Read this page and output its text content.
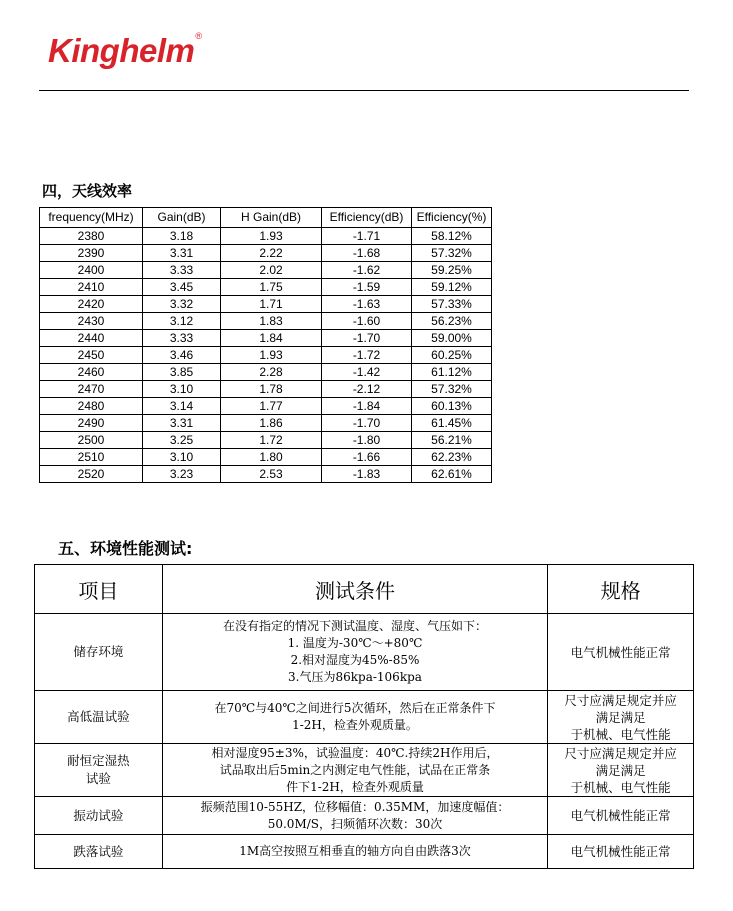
Kinghelm®
四，天线效率
frequency(MHz)	Gain(dB)	H Gain(dB)	Efficiency(dB)	Efficiency(%)
2380	3.18	1.93	-1.71	58.12%
2390	3.31	2.22	-1.68	57.32%
2400	3.33	2.02	-1.62	59.25%
2410	3.45	1.75	-1.59	59.12%
2420	3.32	1.71	-1.63	57.33%
2430	3.12	1.83	-1.60	56.23%
2440	3.33	1.84	-1.70	59.00%
2450	3.46	1.93	-1.72	60.25%
2460	3.85	2.28	-1.42	61.12%
2470	3.10	1.78	-2.12	57.32%
2480	3.14	1.77	-1.84	60.13%
2490	3.31	1.86	-1.70	61.45%
2500	3.25	1.72	-1.80	56.21%
2510	3.10	1.80	-1.66	62.23%
2520	3.23	2.53	-1.83	62.61%
五、环境性能测试:
项目	测试条件	规格

储存环境	在没有指定的情况下测试温度、湿度、气压如下：
1. 温度为-30℃～+80℃
2.相对湿度为45%-85%
3.气压为86kpa-106kpa	电气机械性能正常

高低温试验	在70℃与40℃之间进行5次循环，然后在正常条件下
1-2H，检查外观质量。	尺寸应满足规定并应
满足满足
于机械、电气性能

耐恒定湿热
试验	相对湿度95±3%，试验温度：40℃.持续2H作用后，
试品取出后5min之内测定电气性能，试品在正常条
件下1-2H，检查外观质量	尺寸应满足规定并应
满足满足
于机械、电气性能

振动试验	振频范围10-55HZ，位移幅值：0.35MM，加速度幅值：
50.0M/S，扫频循环次数：30次	电气机械性能正常

跌落试验	1M高空按照互相垂直的轴方向自由跌落3次	电气机械性能正常
